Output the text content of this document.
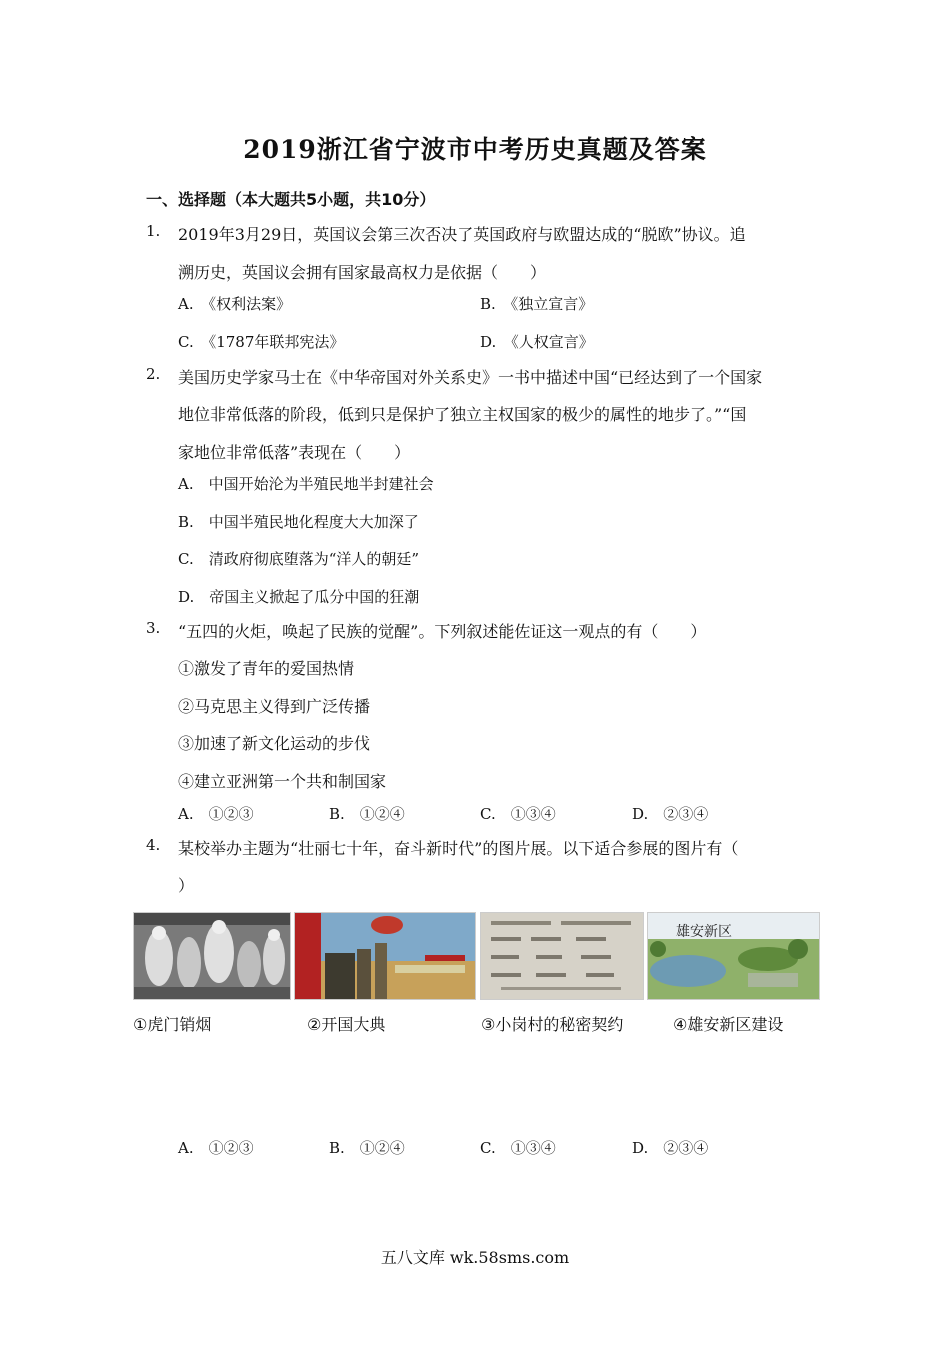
2019浙江省宁波市中考历史真题及答案
一、选择题（本大题共5小题，共10分）
1. 2019年3月29日，英国议会第三次否决了英国政府与欧盟达成的“脱欧”协议。追
溯历史，英国议会拥有国家最高权力是依据（　　）
A.　《权利法案》	B.　《独立宣言》
C.　《1787年联邦宪法》	D.　《人权宣言》
2. 美国历史学家马士在《中华帝国对外关系史》一书中描述中国“已经达到了一个国家
地位非常低落的阶段，低到只是保护了独立主权国家的极少的属性的地步了。”“国
家地位非常低落”表现在（　　）
A.　中国开始沦为半殖民地半封建社会
B.　中国半殖民地化程度大大加深了
C.　清政府彻底堕落为“洋人的朝廷”
D.　帝国主义掀起了瓜分中国的狂潮
3. “五四的火炬，唤起了民族的觉醒”。下列叙述能佐证这一观点的有（　　）
①激发了青年的爱国热情
②马克思主义得到广泛传播
③加速了新文化运动的步伐
④建立亚洲第一个共和制国家
A.　①②③	B.　①②④	C.　①③④	D.　②③④
4. 某校举办主题为“壮丽七十年，奋斗新时代”的图片展。以下适合参展的图片有（
）
雄安新区
①虎门销烟	②开国大典	③小岗村的秘密契约	④雄安新区建设
A.　①②③	B.　①②④	C.　①③④	D.　②③④
五八文库 wk.58sms.com
